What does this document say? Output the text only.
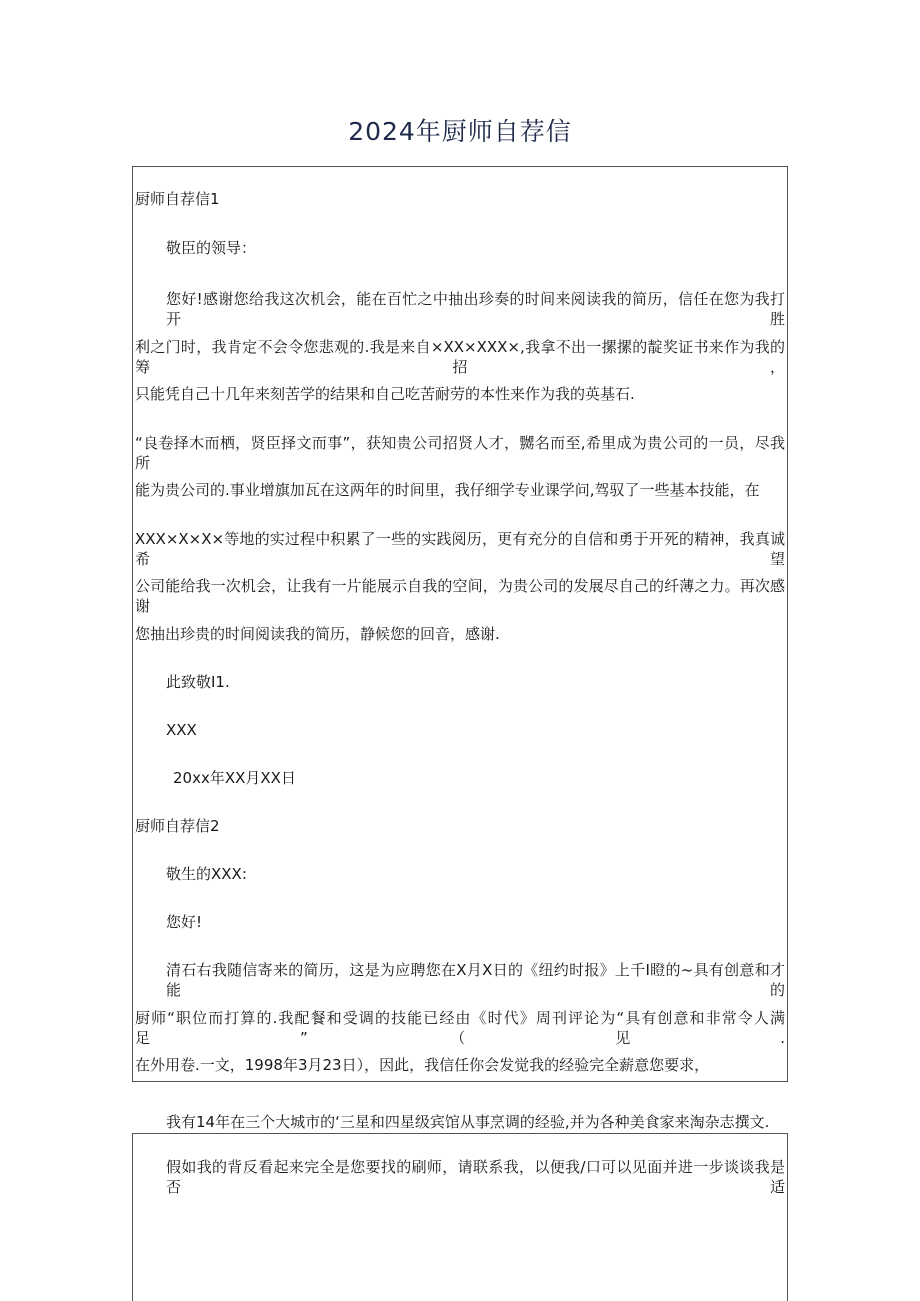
2024年厨师自荐信
厨师自荐信1
敬臣的领导：
您好!感谢您给我这次机会，能在百忙之中抽出珍奏的时间来阅读我的简历，信任在您为我打开胜
利之门时，我肯定不会令您悲观的.我是来自×XX×XXX×,我拿不出一摞摞的靛奖证书来作为我的筹招，
只能凭自己十几年来刻苦学的结果和自己吃苦耐劳的本性来作为我的英基石.
“良卷择木而栖，贤臣择文而事”，获知贵公司招贤人才，嬲名而至,希里成为贵公司的一员，尽我所
能为贵公司的.事业增旗加瓦在这两年的时间里，我仔细学专业课学问,驾驭了一些基本技能，在
XXX×X×X×等地的实过程中积累了一些的实践阅历，更有充分的自信和勇于开死的精神，我真诚希望
公司能给我一次机会，让我有一片能展示自我的空间，为贵公司的发展尽自己的纤薄之力。再次感谢
您抽出珍贵的时间阅读我的简历，静候您的回音，感谢.
此致敬I1.
XXX
20xx年XX月XX日
厨师自荐信2
敬生的XXX:
您好!
清石右我随信寄来的简历，这是为应聘您在X月X日的《纽约时报》上千I瞪的~具有创意和才能的
厨师“职位而打算的.我配餐和受调的技能已经由《时代》周刊评论为“具有创意和非常令人满足”（见.
在外用卷.一文，1998年3月23日），因此，我信任你会发觉我的经验完全薪意您要求，
我有14年在三个大城市的‘三星和四星级宾馆从事烹调的经验,并为各种美食家来淘杂志撰文.
假如我的背反看起来完全是您要找的刷师，请联系我，以便我/口可以见面并进一步谈谈我是否适
